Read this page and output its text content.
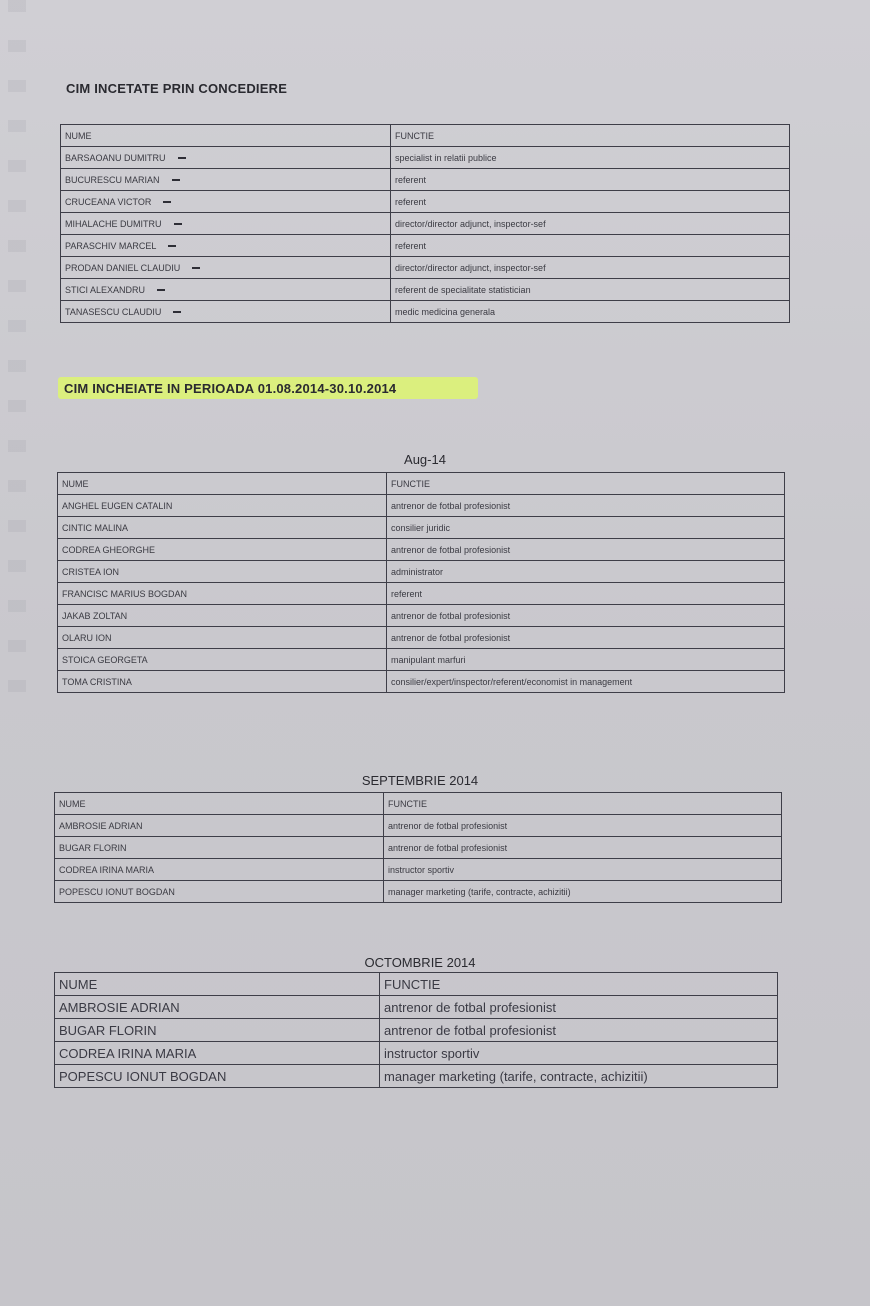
CIM INCETATE PRIN CONCEDIERE
NUME	FUNCTIE
BARSAOANU DUMITRU	specialist in relatii publice
BUCURESCU MARIAN	referent
CRUCEANA VICTOR	referent
MIHALACHE DUMITRU	director/director adjunct, inspector-sef
PARASCHIV MARCEL	referent
PRODAN DANIEL CLAUDIU	director/director adjunct, inspector-sef
STICI ALEXANDRU	referent de specialitate statistician
TANASESCU CLAUDIU	medic medicina generala
CIM INCHEIATE IN PERIOADA 01.08.2014-30.10.2014
Aug-14
NUME	FUNCTIE
ANGHEL EUGEN CATALIN	antrenor de fotbal profesionist
CINTIC MALINA	consilier juridic
CODREA GHEORGHE	antrenor de fotbal profesionist
CRISTEA ION	administrator
FRANCISC MARIUS BOGDAN	referent
JAKAB ZOLTAN	antrenor de fotbal profesionist
OLARU ION	antrenor de fotbal profesionist
STOICA GEORGETA	manipulant marfuri
TOMA CRISTINA	consilier/expert/inspector/referent/economist in management
SEPTEMBRIE 2014
NUME	FUNCTIE
AMBROSIE ADRIAN	antrenor de fotbal profesionist
BUGAR FLORIN	antrenor de fotbal profesionist
CODREA IRINA MARIA	instructor sportiv
POPESCU IONUT BOGDAN	manager marketing (tarife, contracte, achizitii)
OCTOMBRIE 2014
NUME	FUNCTIE
AMBROSIE ADRIAN	antrenor de fotbal profesionist
BUGAR FLORIN	antrenor de fotbal profesionist
CODREA IRINA MARIA	instructor sportiv
POPESCU IONUT BOGDAN	manager marketing (tarife, contracte, achizitii)
